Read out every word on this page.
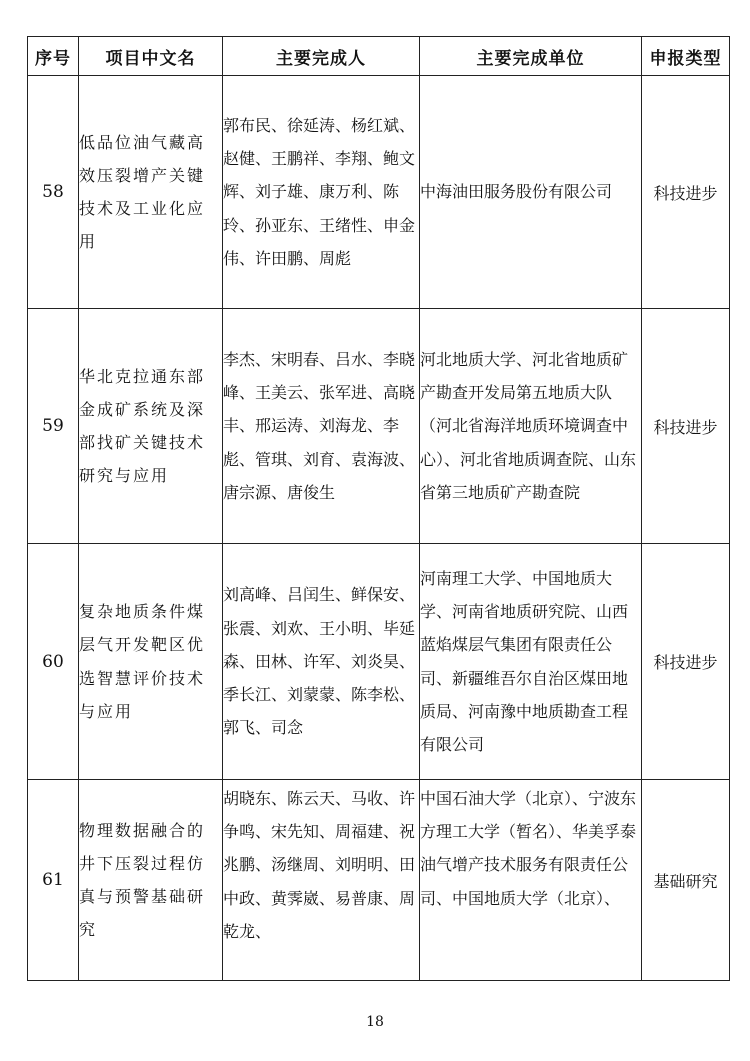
序号	项目中文名	主要完成人	主要完成单位	申报类型
58	低品位油气藏高效压裂增产关键技术及工业化应用	郭布民、徐延涛、杨红斌、赵健、王鹏祥、李翔、鲍文辉、刘子雄、康万利、陈玲、孙亚东、王绪性、申金伟、许田鹏、周彪	中海油田服务股份有限公司	科技进步
59	华北克拉通东部金成矿系统及深部找矿关键技术研究与应用	李杰、宋明春、吕水、李晓峰、王美云、张军进、高晓丰、邢运涛、刘海龙、李彪、管琪、刘育、袁海波、唐宗源、唐俊生	河北地质大学、河北省地质矿产勘查开发局第五地质大队（河北省海洋地质环境调查中心）、河北省地质调查院、山东省第三地质矿产勘查院	科技进步
60	复杂地质条件煤层气开发靶区优选智慧评价技术与应用	刘高峰、吕闰生、鲜保安、张震、刘欢、王小明、毕延森、田林、许军、刘炎昊、季长江、刘蒙蒙、陈李松、郭飞、司念	河南理工大学、中国地质大学、河南省地质研究院、山西蓝焰煤层气集团有限责任公司、新疆维吾尔自治区煤田地质局、河南豫中地质勘查工程有限公司	科技进步
61	物理数据融合的井下压裂过程仿真与预警基础研究	胡晓东、陈云天、马收、许争鸣、宋先知、周福建、祝兆鹏、汤继周、刘明明、田中政、黄霁崴、易普康、周乾龙、	中国石油大学（北京）、宁波东方理工大学（暂名）、华美孚泰油气增产技术服务有限责任公司、中国地质大学（北京）、	基础研究
18
